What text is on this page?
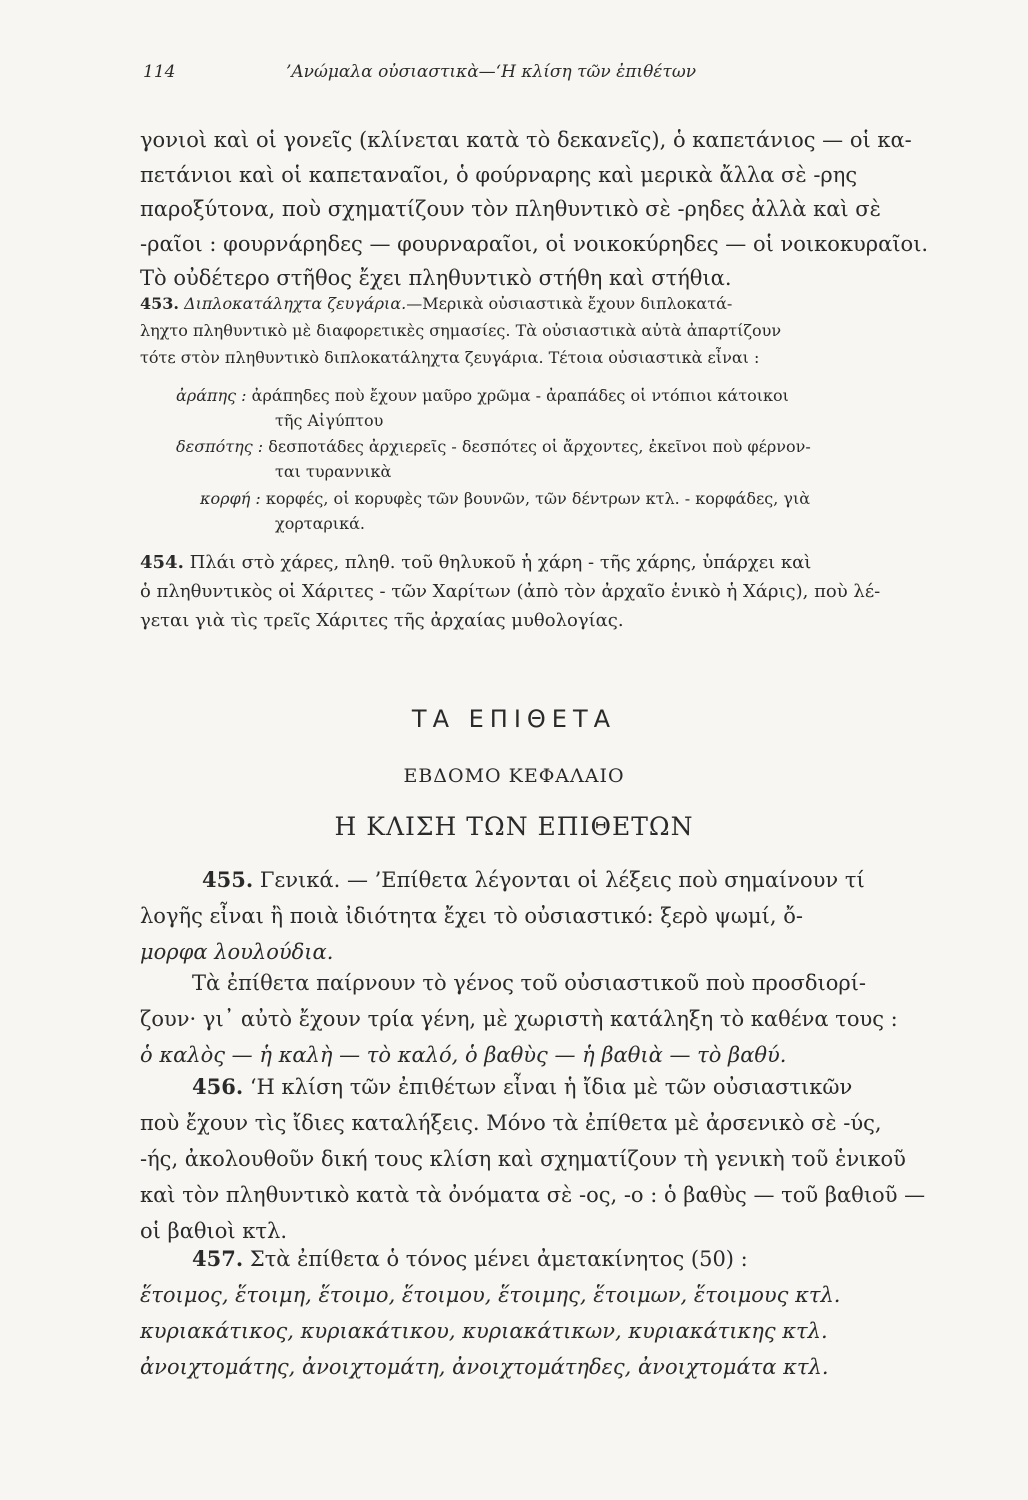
114	’Ανώμαλα οὐσιαστικὰ—‘Η κλίση τῶν ἐπιθέτων

γονιοὶ καὶ οἱ γονεῖς (κλίνεται κατὰ τὸ δεκανεῖς), ὁ καπετάνιος — οἱ κα-

πετάνιοι καὶ οἱ καπεταναῖοι, ὁ φούρναρης καὶ μερικὰ ἄλλα σὲ -ρης

παροξύτονα, ποὺ σχηματίζουν τὸν πληθυντικὸ σὲ -ρηδες ἀλλὰ καὶ σὲ

-ραῖοι : φουρνάρηδες — φουρναραῖοι, οἱ νοικοκύρηδες — οἱ νοικοκυραῖοι.

Τὸ οὐδέτερο στῆθος ἔχει πληθυντικὸ στήθη καὶ στήθια.

453. Διπλοκατάληχτα ζευγάρια.—Μερικὰ οὐσιαστικὰ ἔχουν διπλοκατά-

ληχτο πληθυντικὸ μὲ διαφορετικὲς σημασίες. Τὰ οὐσιαστικὰ αὐτὰ ἀπαρτίζουν

τότε στὸν πληθυντικὸ διπλοκατάληχτα ζευγάρια. Τέτοια οὐσιαστικὰ εἶναι :

ἀράπης : ἀράπηδες ποὺ ἔχουν μαῦρο χρῶμα - ἀραπάδες οἱ ντόπιοι κάτοικοι

τῆς Αἰγύπτου

δεσπότης : δεσποτάδες ἀρχιερεῖς - δεσπότες οἱ ἄρχοντες, ἐκεῖνοι ποὺ φέρνον-

ται τυραννικὰ

κορφή : κορφές, οἱ κορυφὲς τῶν βουνῶν, τῶν δέντρων κτλ. - κορφάδες, γιὰ

χορταρικά.

454. Πλάι στὸ χάρες, πληθ. τοῦ θηλυκοῦ ἡ χάρη - τῆς χάρης, ὑπάρχει καὶ

ὁ πληθυντικὸς οἱ Χάριτες - τῶν Χαρίτων (ἀπὸ τὸν ἀρχαῖο ἑνικὸ ἡ Χάρις), ποὺ λέ-

γεται γιὰ τὶς τρεῖς Χάριτες τῆς ἀρχαίας μυθολογίας.

ΤΑ ΕΠΙΘΕΤΑ
ΕΒΔΟΜΟ ΚΕΦΑΛΑΙΟ
Η ΚΛΙΣΗ ΤΩΝ ΕΠΙΘΕΤΩΝ

455. Γενικά. — ’Επίθετα λέγονται οἱ λέξεις ποὺ σημαίνουν τί

λογῆς εἶναι ἢ ποιὰ ἰδιότητα ἔχει τὸ οὐσιαστικό: ξερὸ ψωμί, ὄ-

μορφα λουλούδια.

Τὰ ἐπίθετα παίρνουν τὸ γένος τοῦ οὐσιαστικοῦ ποὺ προσδιορί-

ζουν· γι᾽ αὐτὸ ἔχουν τρία γένη, μὲ χωριστὴ κατάληξη τὸ καθένα τους :

ὁ καλὸς — ἡ καλὴ — τὸ καλό, ὁ βαθὺς — ἡ βαθιὰ — τὸ βαθύ.

456. ‘Η κλίση τῶν ἐπιθέτων εἶναι ἡ ἴδια μὲ τῶν οὐσιαστικῶν

ποὺ ἔχουν τὶς ἴδιες καταλήξεις. Μόνο τὰ ἐπίθετα μὲ ἀρσενικὸ σὲ -ύς,

-ής, ἀκολουθοῦν δική τους κλίση καὶ σχηματίζουν τὴ γενικὴ τοῦ ἑνικοῦ

καὶ τὸν πληθυντικὸ κατὰ τὰ ὀνόματα σὲ -ος, -ο : ὁ βαθὺς — τοῦ βαθιοῦ —

οἱ βαθιοὶ κτλ.

457. Στὰ ἐπίθετα ὁ τόνος μένει ἀμετακίνητος (50) :

ἕτοιμος, ἕτοιμη, ἕτοιμο, ἕτοιμου, ἕτοιμης, ἕτοιμων, ἕτοιμους κτλ.

κυριακάτικος, κυριακάτικου, κυριακάτικων, κυριακάτικης κτλ.

ἀνοιχτομάτης, ἀνοιχτομάτη, ἀνοιχτομάτηδες, ἀνοιχτομάτα κτλ.
